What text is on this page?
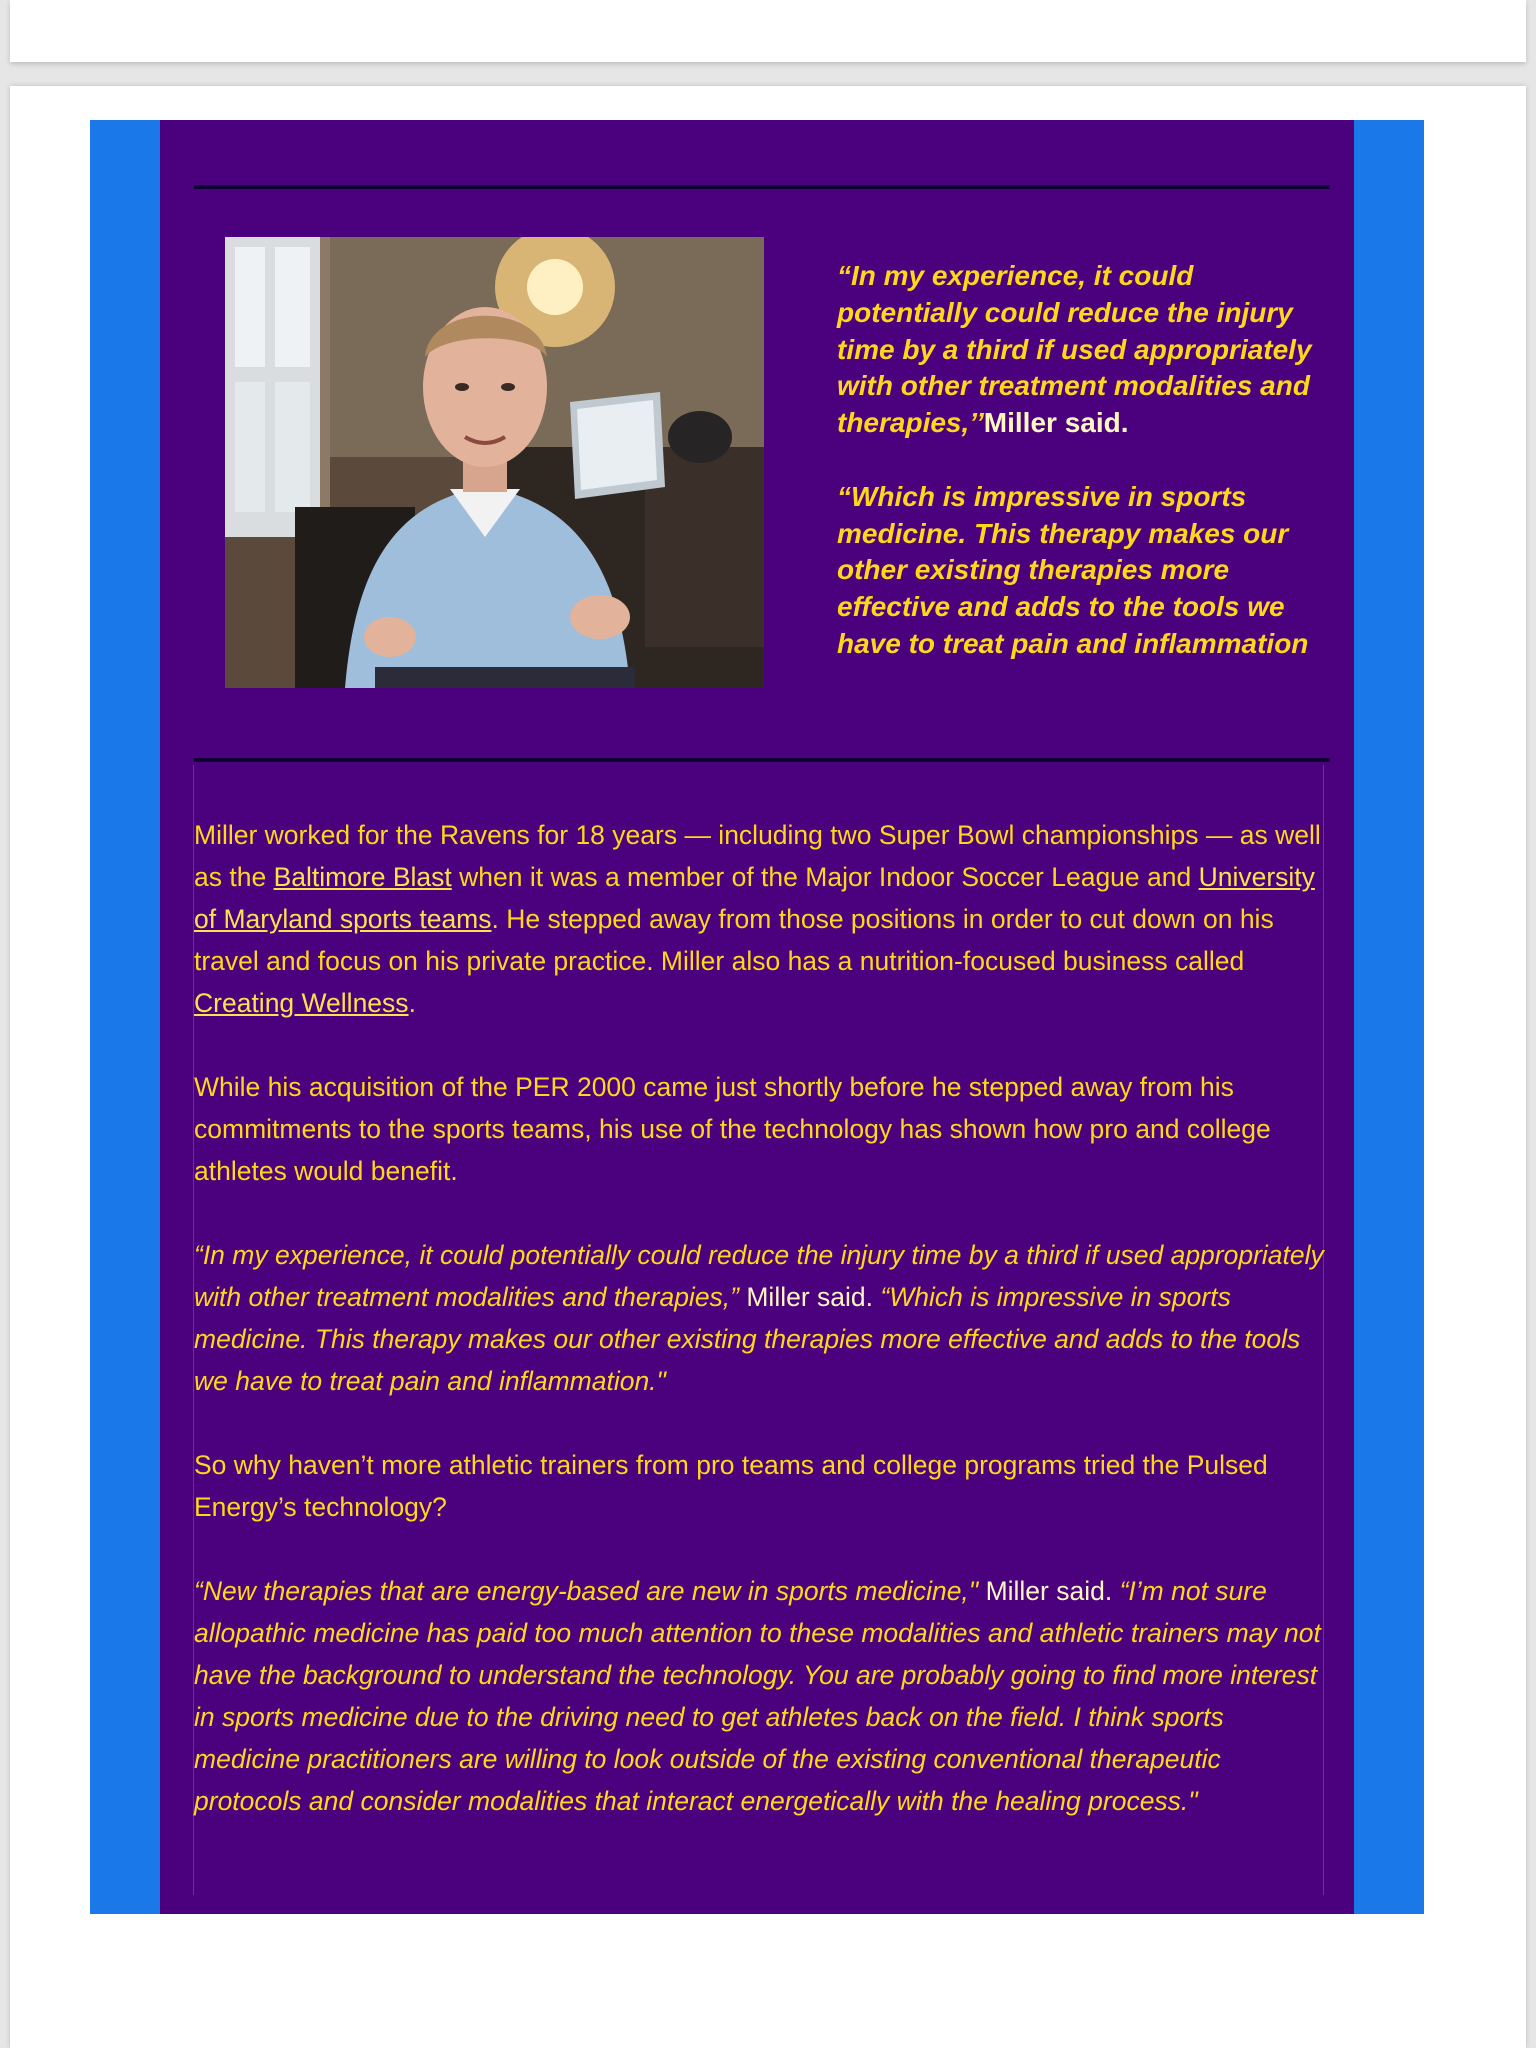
“In my experience, it could potentially could reduce the injury time by a third if used appropriately with other treatment modalities and therapies,’’Miller said.

“Which is impressive in sports medicine. This therapy makes our other existing therapies more effective and adds to the tools we have to treat pain and inflammation

Miller worked for the Ravens for 18 years — including two Super Bowl championships — as well as the Baltimore Blast when it was a member of the Major Indoor Soccer League and University of Maryland sports teams. He stepped away from those positions in order to cut down on his travel and focus on his private practice. Miller also has a nutrition-focused business called Creating Wellness.

While his acquisition of the PER 2000 came just shortly before he stepped away from his commitments to the sports teams, his use of the technology has shown how pro and college athletes would benefit.

“In my experience, it could potentially could reduce the injury time by a third if used appropriately with other treatment modalities and therapies,” Miller said. “Which is impressive in sports medicine. This therapy makes our other existing therapies more effective and adds to the tools we have to treat pain and inflammation."

So why haven’t more athletic trainers from pro teams and college programs tried the Pulsed Energy’s technology?

“New therapies that are energy-based are new in sports medicine," Miller said. “I’m not sure allopathic medicine has paid too much attention to these modalities and athletic trainers may not have the background to understand the technology. You are probably going to find more interest in sports medicine due to the driving need to get athletes back on the field. I think sports medicine practitioners are willing to look outside of the existing conventional therapeutic protocols and consider modalities that interact energetically with the healing process."
